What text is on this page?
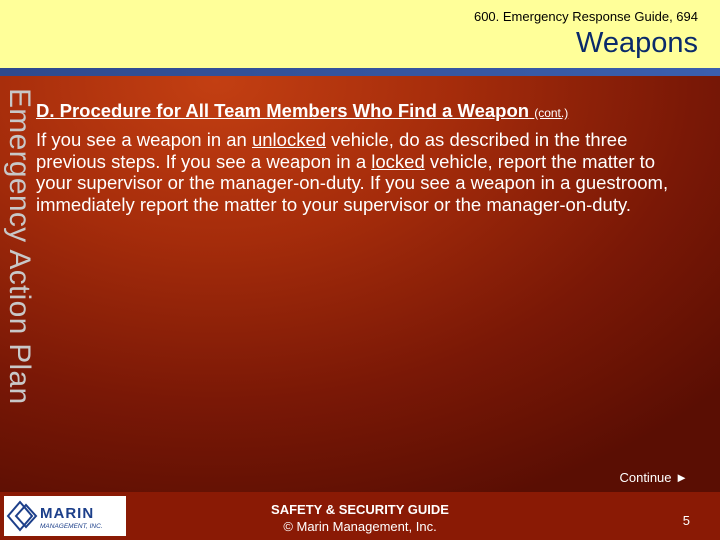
600. Emergency Response Guide, 694
Weapons
Emergency Action Plan D. Procedure for All Team Members Who Find a Weapon (cont.)
If you see a weapon in an unlocked vehicle, do as described in the three previous steps. If you see a weapon in a locked vehicle, report the matter to your supervisor or the manager-on-duty. If you see a weapon in a guestroom, immediately report the matter to your supervisor or the manager-on-duty.
Continue ►
MARIN
MANAGEMENT, INC.
SAFETY & SECURITY GUIDE
© Marin Management, Inc.	5
